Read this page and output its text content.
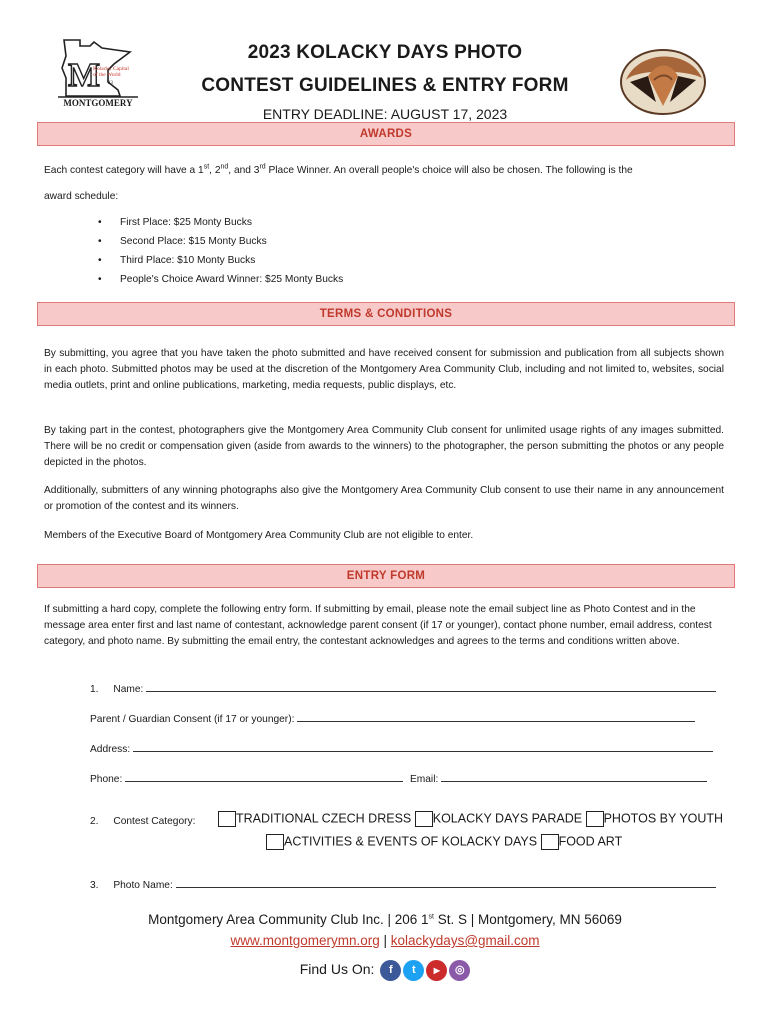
M
Kolacky Capital
of the World
'23
MONTGOMERY
2023 KOLACKY DAYS PHOTO
CONTEST GUIDELINES & ENTRY FORM
ENTRY DEADLINE: AUGUST 17, 2023
AWARDS
Each contest category will have a 1st, 2nd, and 3rd Place Winner. An overall people's choice will also be chosen. The following is the
award schedule:
• First Place: $25 Monty Bucks
• Second Place: $15 Monty Bucks
• Third Place: $10 Monty Bucks
• People's Choice Award Winner: $25 Monty Bucks
TERMS & CONDITIONS
By submitting, you agree that you have taken the photo submitted and have received consent for submission and publication from all subjects shown in each photo. Submitted photos may be used at the discretion of the Montgomery Area Community Club, including and not limited to, websites, social media outlets, print and online publications, marketing, media requests, public displays, etc.
By taking part in the contest, photographers give the Montgomery Area Community Club consent for unlimited usage rights of any images submitted. There will be no credit or compensation given (aside from awards to the winners) to the photographer, the person submitting the photos or any people depicted in the photos.
Additionally, submitters of any winning photographs also give the Montgomery Area Community Club consent to use their name in any announcement or promotion of the contest and its winners.
Members of the Executive Board of Montgomery Area Community Club are not eligible to enter.
ENTRY FORM
If submitting a hard copy, complete the following entry form. If submitting by email, please note the email subject line as Photo Contest and in the message area enter first and last name of contestant, acknowledge parent consent (if 17 or younger), contact phone number, email address, contest category, and photo name. By submitting the email entry, the contestant acknowledges and agrees to the terms and conditions written above.
1. Name:
Parent / Guardian Consent (if 17 or younger):
Address:
Phone:	Email:
2. Contest Category:	TRADITIONAL CZECH DRESS KOLACKY DAYS PARADE PHOTOS BY YOUTH
ACTIVITIES & EVENTS OF KOLACKY DAYS FOOD ART
3. Photo Name:
Montgomery Area Community Club Inc. | 206 1st St. S | Montgomery, MN 56069
www.montgomerymn.org | kolackydays@gmail.com
Find Us On: f t ▶ ◎
